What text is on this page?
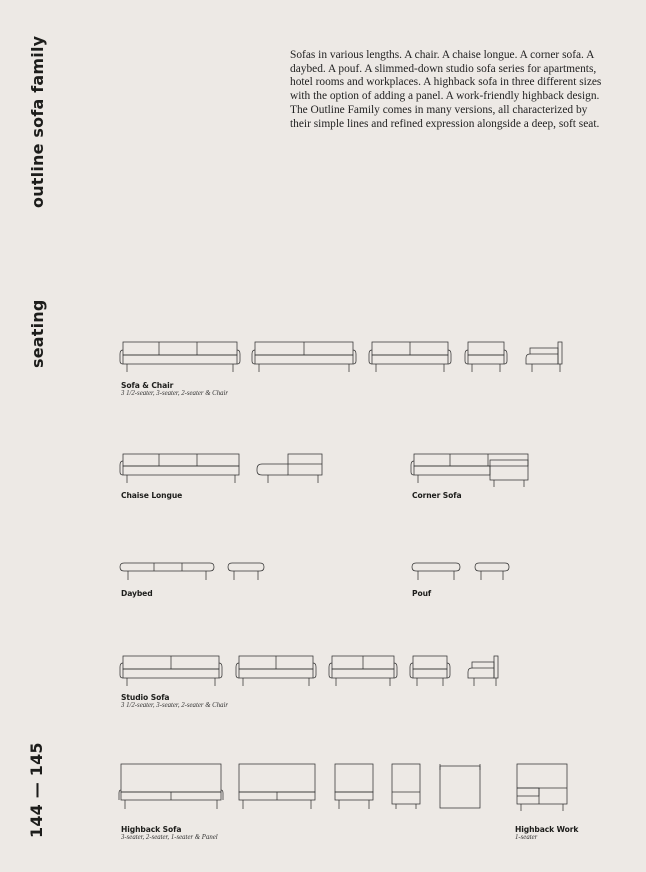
outline sofa family
seating
144 — 145

Sofas in various lengths. A chair. A chaise longue. A corner sofa. A daybed. A pouf. A slimmed-down studio sofa series for apartments, hotel rooms and workplaces. A highback sofa in three different sizes with the option of adding a panel. A work-friendly highback design. The Outline Family comes in many versions, all characterized by their simple lines and refined expression alongside a deep, soft seat.

Sofa & Chair
3 1/2-seater, 3-seater, 2-seater & Chair
Chaise Longue	Corner Sofa
Daybed	Pouf
Studio Sofa
3 1/2-seater, 3-seater, 2-seater & Chair
Highback Sofa
3-seater, 2-seater, 1-seater & Panel
Highback Work
1-seater
